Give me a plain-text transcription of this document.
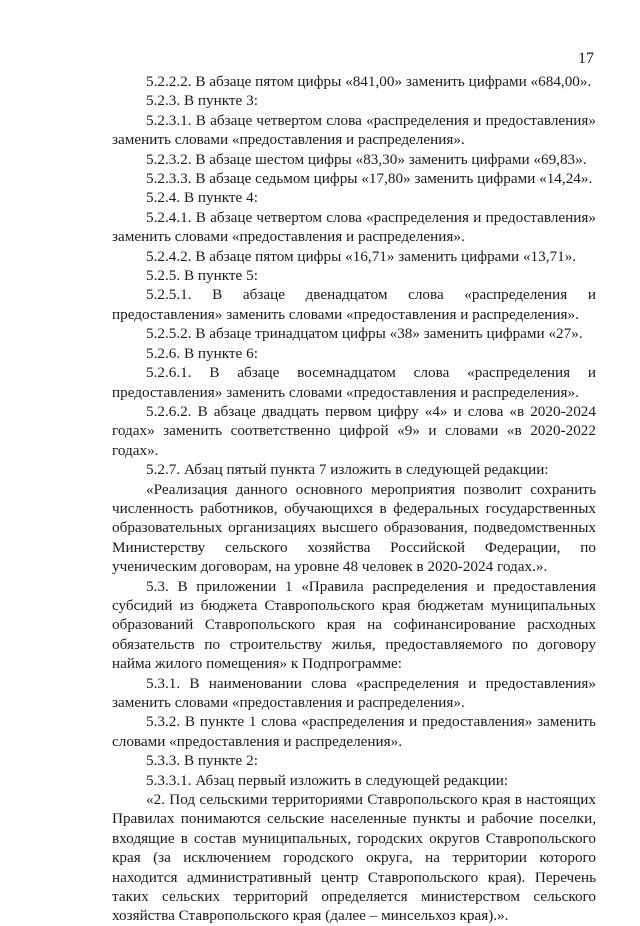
17

5.2.2.2. В абзаце пятом цифры «841,00» заменить цифрами «684,00».

5.2.3. В пункте 3:

5.2.3.1. В абзаце четвертом слова «распределения и предоставления» заменить словами «предоставления и распределения».

5.2.3.2. В абзаце шестом цифры «83,30» заменить цифрами «69,83».

5.2.3.3. В абзаце седьмом цифры «17,80» заменить цифрами «14,24».

5.2.4. В пункте 4:

5.2.4.1. В абзаце четвертом слова «распределения и предоставления» заменить словами «предоставления и распределения».

5.2.4.2. В абзаце пятом цифры «16,71» заменить цифрами «13,71».

5.2.5. В пункте 5:

5.2.5.1. В абзаце двенадцатом слова «распределения и предоставления» заменить словами «предоставления и распределения».

5.2.5.2. В абзаце тринадцатом цифры «38» заменить цифрами «27».

5.2.6. В пункте 6:

5.2.6.1. В абзаце восемнадцатом слова «распределения и предоставления» заменить словами «предоставления и распределения».

5.2.6.2. В абзаце двадцать первом цифру «4» и слова «в 2020-2024 годах» заменить соответственно цифрой «9» и словами «в 2020-2022 годах».

5.2.7. Абзац пятый пункта 7 изложить в следующей редакции:

«Реализация данного основного мероприятия позволит сохранить численность работников, обучающихся в федеральных государственных образовательных организациях высшего образования, подведомственных Министерству сельского хозяйства Российской Федерации, по ученическим договорам, на уровне 48 человек в 2020-2024 годах.».

5.3. В приложении 1 «Правила распределения и предоставления субсидий из бюджета Ставропольского края бюджетам муниципальных образований Ставропольского края на софинансирование расходных обязательств по строительству жилья, предоставляемого по договору найма жилого помещения» к Подпрограмме:

5.3.1. В наименовании слова «распределения и предоставления» заменить словами «предоставления и распределения».

5.3.2. В пункте 1 слова «распределения и предоставления» заменить словами «предоставления и распределения».

5.3.3. В пункте 2:

5.3.3.1. Абзац первый изложить в следующей редакции:

«2. Под сельскими территориями Ставропольского края в настоящих Правилах понимаются сельские населенные пункты и рабочие поселки, входящие в состав муниципальных, городских округов Ставропольского края (за исключением городского округа, на территории которого находится административный центр Ставропольского края). Перечень таких сельских территорий определяется министерством сельского хозяйства Ставропольского края (далее – минсельхоз края).».
